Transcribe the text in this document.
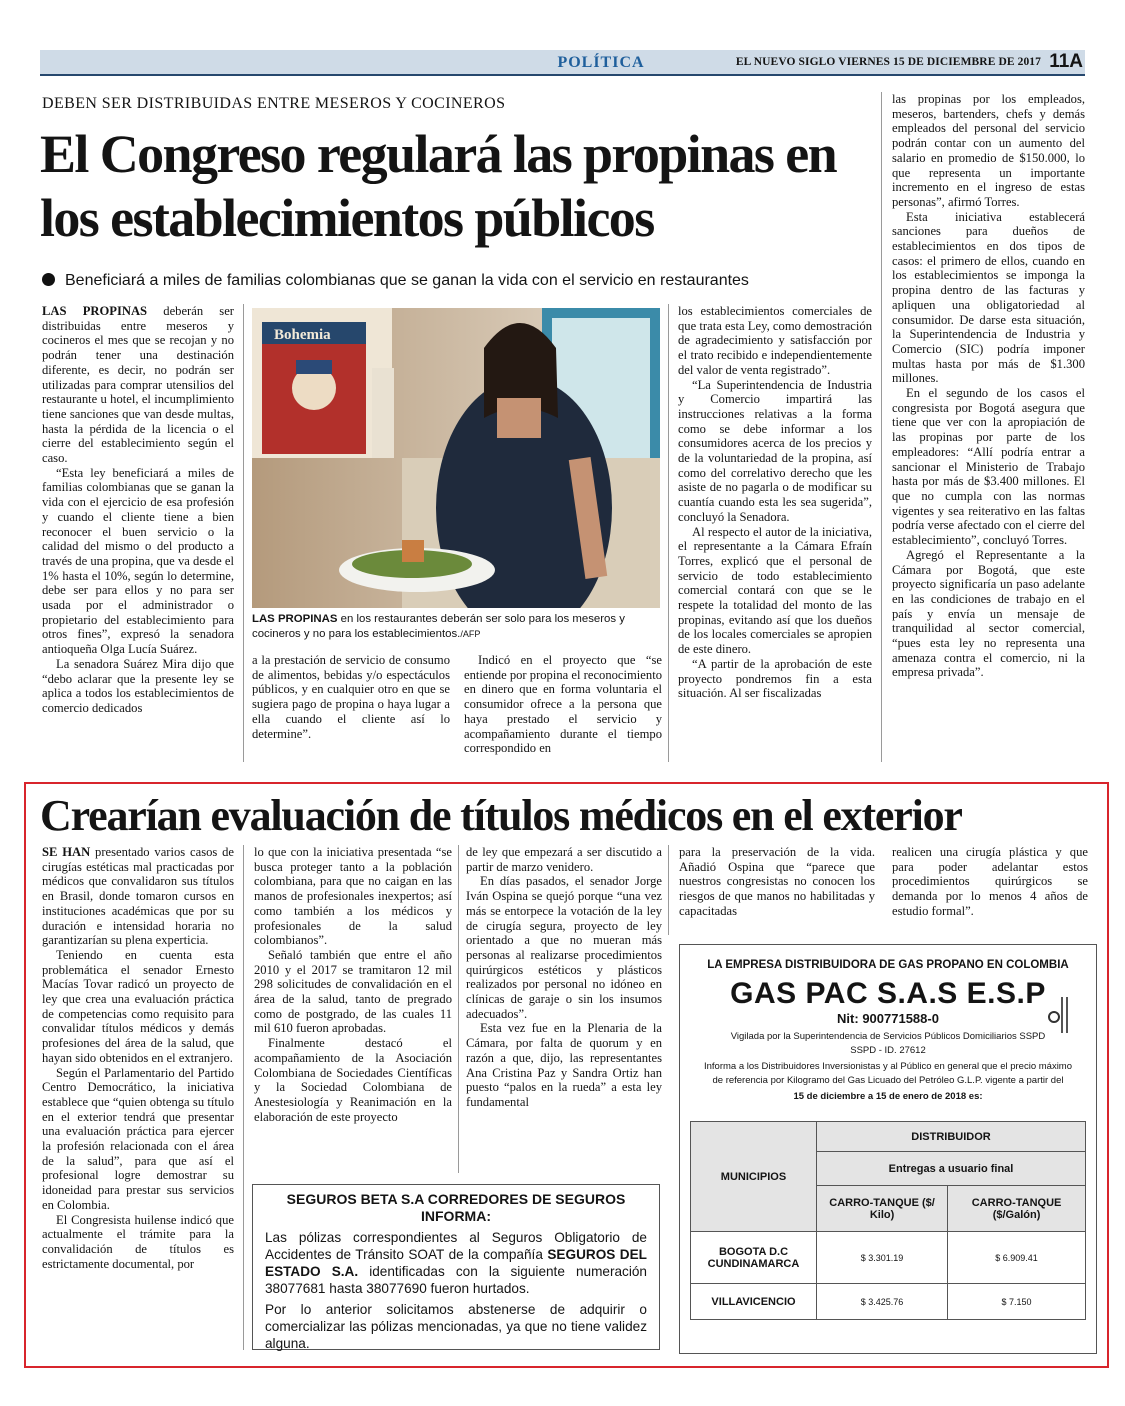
POLÍTICA	EL NUEVO SIGLO VIERNES 15 DE DICIEMBRE DE 2017 11A
DEBEN SER DISTRIBUIDAS ENTRE MESEROS Y COCINEROS
El Congreso regulará las propinas en los establecimientos públicos
Beneficiará a miles de familias colombianas que se ganan la vida con el servicio en restaurantes

LAS PROPINAS deberán ser distribuidas entre meseros y cocineros el mes que se recojan y no podrán tener una destinación diferente, es decir, no podrán ser utilizadas para comprar utensilios del restaurante u hotel, el incumplimiento tiene sanciones que van desde multas, hasta la pérdida de la licencia o el cierre del establecimiento según el caso.

“Esta ley beneficiará a miles de familias colombianas que se ganan la vida con el ejercicio de esa profesión y cuando el cliente tiene a bien reconocer el buen servicio o la calidad del mismo o del producto a través de una propina, que va desde el 1% hasta el 10%, según lo determine, debe ser para ellos y no para ser usada por el administrador o propietario del establecimiento para otros fines”, expresó la senadora antioqueña Olga Lucía Suárez.

La senadora Suárez Mira dijo que “debo aclarar que la presente ley se aplica a todos los establecimientos de comercio dedicados

Bohemia
LAS PROPINAS en los restaurantes deberán ser solo para los meseros y cocineros y no para los establecimientos./AFP

a la prestación de servicio de consumo de alimentos, bebidas y/o espectáculos públicos, y en cualquier otro en que se sugiera pago de propina o haya lugar a ella cuando el cliente así lo determine”.

Indicó en el proyecto que “se entiende por propina el reconocimiento en dinero que en forma voluntaria el consumidor ofrece a la persona que haya prestado el servicio y acompañamiento durante el tiempo correspondido en

los establecimientos comerciales de que trata esta Ley, como demostración de agradecimiento y satisfacción por el trato recibido e independientemente del valor de venta registrado”.

“La Superintendencia de Industria y Comercio impartirá las instrucciones relativas a la forma como se debe informar a los consumidores acerca de los precios y de la voluntariedad de la propina, así como del correlativo derecho que les asiste de no pagarla o de modificar su cuantía cuando esta les sea sugerida”, concluyó la Senadora.

Al respecto el autor de la iniciativa, el representante a la Cámara Efraín Torres, explicó que el personal de servicio de todo establecimiento comercial contará con que se le respete la totalidad del monto de las propinas, evitando así que los dueños de los locales comerciales se apropien de este dinero.

“A partir de la aprobación de este proyecto pondremos fin a esta situación. Al ser fiscalizadas

las propinas por los empleados, meseros, bartenders, chefs y demás empleados del personal del servicio podrán contar con un aumento del salario en promedio de $150.000, lo que representa un importante incremento en el ingreso de estas personas”, afirmó Torres.

Esta iniciativa establecerá sanciones para dueños de establecimientos en dos tipos de casos: el primero de ellos, cuando en los establecimientos se imponga la propina dentro de las facturas y apliquen una obligatoriedad al consumidor. De darse esta situación, la Superintendencia de Industria y Comercio (SIC) podría imponer multas hasta por más de $1.300 millones.

En el segundo de los casos el congresista por Bogotá asegura que tiene que ver con la apropiación de las propinas por parte de los empleadores: “Allí podría entrar a sancionar el Ministerio de Trabajo hasta por más de $3.400 millones. El que no cumpla con las normas vigentes y sea reiterativo en las faltas podría verse afectado con el cierre del establecimiento”, concluyó Torres.

Agregó el Representante a la Cámara por Bogotá, que este proyecto significaría un paso adelante en las condiciones de trabajo en el país y envía un mensaje de tranquilidad al sector comercial, “pues esta ley no representa una amenaza contra el comercio, ni la empresa privada”.

Crearían evaluación de títulos médicos en el exterior

SE HAN presentado varios casos de cirugías estéticas mal practicadas por médicos que convalidaron sus títulos en Brasil, donde tomaron cursos en instituciones académicas que por su duración e intensidad horaria no garantizarían su plena experticia.

Teniendo en cuenta esta problemática el senador Ernesto Macías Tovar radicó un proyecto de ley que crea una evaluación práctica de competencias como requisito para convalidar títulos médicos y demás profesiones del área de la salud, que hayan sido obtenidos en el extranjero.

Según el Parlamentario del Partido Centro Democrático, la iniciativa establece que “quien obtenga su título en el exterior tendrá que presentar una evaluación práctica para ejercer la profesión relacionada con el área de la salud”, para que así el profesional logre demostrar su idoneidad para prestar sus servicios en Colombia.

El Congresista huilense indicó que actualmente el trámite para la convalidación de títulos es estrictamente documental, por

lo que con la iniciativa presentada “se busca proteger tanto a la población colombiana, para que no caigan en las manos de profesionales inexpertos; así como también a los médicos y profesionales de la salud colombianos”.

Señaló también que entre el año 2010 y el 2017 se tramitaron 12 mil 298 solicitudes de convalidación en el área de la salud, tanto de pregrado como de postgrado, de las cuales 11 mil 610 fueron aprobadas.

Finalmente destacó el acompañamiento de la Asociación Colombiana de Sociedades Científicas y la Sociedad Colombiana de Anestesiología y Reanimación en la elaboración de este proyecto

de ley que empezará a ser discutido a partir de marzo venidero.

En días pasados, el senador Jorge Iván Ospina se quejó porque “una vez más se entorpece la votación de la ley de cirugía segura, proyecto de ley orientado a que no mueran más personas al realizarse procedimientos quirúrgicos estéticos y plásticos realizados por personal no idóneo en clínicas de garaje o sin los insumos adecuados”.

Esta vez fue en la Plenaria de la Cámara, por falta de quorum y en razón a que, dijo, las representantes Ana Cristina Paz y Sandra Ortiz han puesto “palos en la rueda” a esta ley fundamental

para la preservación de la vida. Añadió Ospina que “parece que nuestros congresistas no conocen los riesgos de que manos no habilitadas y capacitadas

realicen una cirugía plástica y que para poder adelantar estos procedimientos quirúrgicos se demanda por lo menos 4 años de estudio formal”.

SEGUROS BETA S.A CORREDORES DE SEGUROS INFORMA:

Las pólizas correspondientes al Seguros Obligatorio de Accidentes de Tránsito SOAT de la compañía SEGUROS DEL ESTADO S.A. identificadas con la siguiente numeración 38077681 hasta 38077690 fueron hurtados.

Por lo anterior solicitamos abstenerse de adquirir o comercializar las pólizas mencionadas, ya que no tiene validez alguna.

LA EMPRESA DISTRIBUIDORA DE GAS PROPANO EN COLOMBIA
GAS PAC S.A.S E.S.P
Nit: 900771588-0
Vigilada por la Superintendencia de Servicios Públicos Domiciliarios SSPD
SSPD - ID. 27612
Informa a los Distribuidores Inversionistas y al Público en general que el precio máximo de referencia por Kilogramo del Gas Licuado del Petróleo G.L.P. vigente a partir del
15 de diciembre a 15 de enero de 2018 es:
MUNICIPIOS	DISTRIBUIDOR	
	Entregas a usuario final	
	CARRO-TANQUE ($/ Kilo)	CARRO-TANQUE ($/Galón)
BOGOTA D.C CUNDINAMARCA	$ 3.301.19	$ 6.909.41
VILLAVICENCIO	$ 3.425.76	$ 7.150
